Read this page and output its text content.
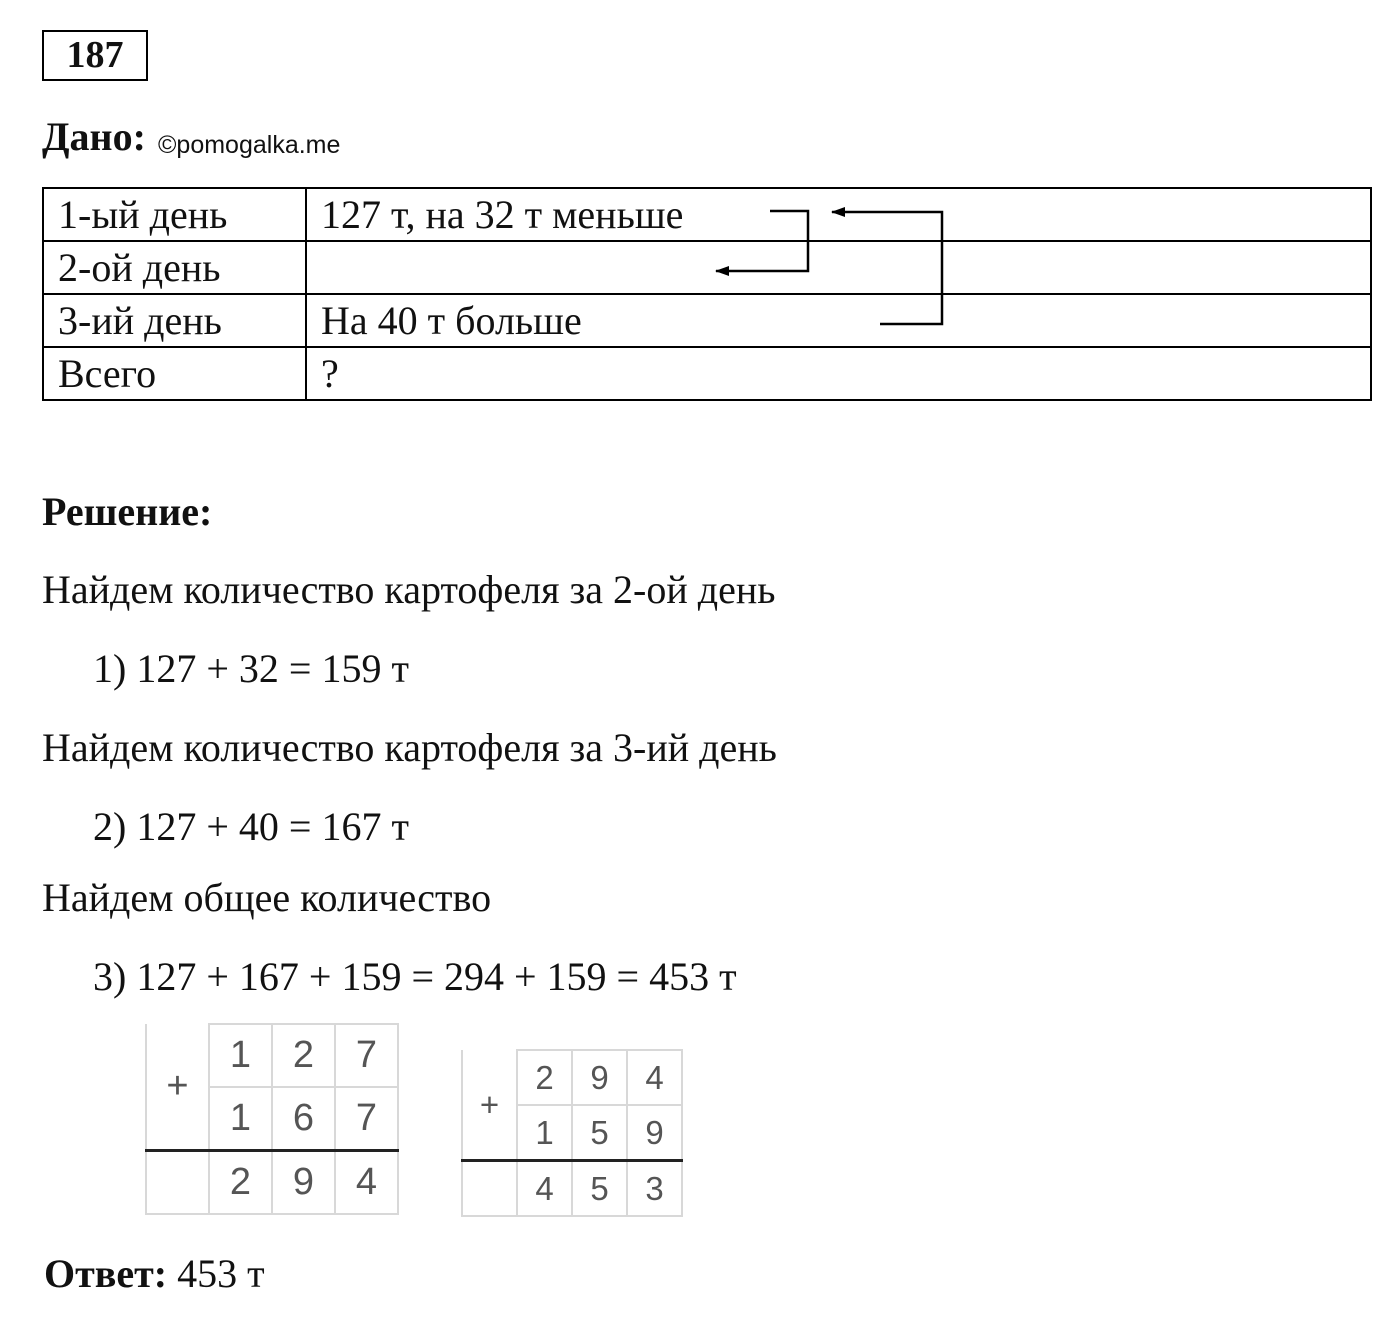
187
Дано: ©pomogalka.me
1-ый день	127 т, на 32 т меньше
2-ой день	
3-ий день	На 40 т больше
Всего	?
Решение:
Найдем количество картофеля за 2-ой день
1) 127 + 32 = 159 т
Найдем количество картофеля за 3-ий день
2) 127 + 40 = 167 т
Найдем общее количество
3) 127 + 167 + 159 = 294 + 159 = 453 т
+	1	2	7
	1	6	7
	2	9	4
+	2	9	4
	1	5	9
	4	5	3
Ответ: 453 т
